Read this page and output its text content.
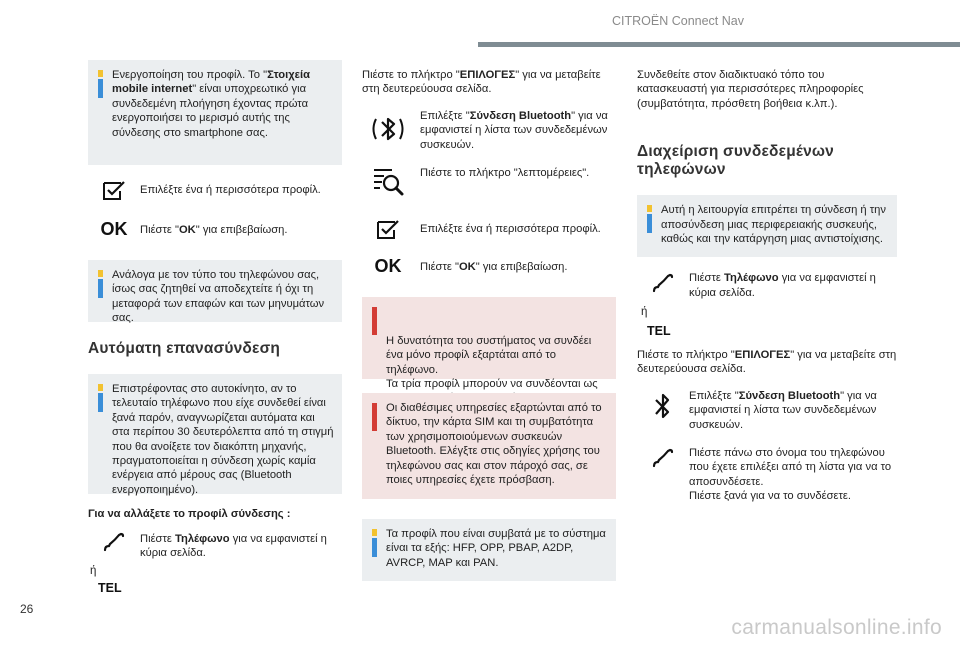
CITROËN Connect Nav
Ενεργοποίηση του προφίλ. Το "Στοιχεία mobile internet" είναι υποχρεωτικό για συνδεδεμένη πλοήγηση έχοντας πρώτα ενεργοποιήσει το μερισμό αυτής της σύνδεσης στο smartphone σας.
Επιλέξτε ένα ή περισσότερα προφίλ.
OK Πιέστε "OK" για επιβεβαίωση.
Ανάλογα με τον τύπο του τηλεφώνου σας, ίσως σας ζητηθεί να αποδεχτείτε ή όχι τη μεταφορά των επαφών και των μηνυμάτων σας.
Αυτόματη επανασύνδεση
Επιστρέφοντας στο αυτοκίνητο, αν το τελευταίο τηλέφωνο που είχε συνδεθεί είναι ξανά παρόν, αναγνωρίζεται αυτόματα και στα περίπου 30 δευτερόλεπτα από τη στιγμή που θα ανοίξετε τον διακόπτη μηχανής, πραγματοποιείται η σύνδεση χωρίς καμία ενέργεια από μέρους σας (Bluetooth ενεργοποιημένο).
Για να αλλάξετε το προφίλ σύνδεσης :
Πιέστε Τηλέφωνο για να εμφανιστεί η κύρια σελίδα.
ή
TEL
Πιέστε το πλήκτρο "ΕΠΙΛΟΓΕΣ" για να μεταβείτε στη δευτερεύουσα σελίδα.
Επιλέξτε "Σύνδεση Bluetooth" για να εμφανιστεί η λίστα των συνδεδεμένων συσκευών.
Πιέστε το πλήκτρο "λεπτομέρειες".
Επιλέξτε ένα ή περισσότερα προφίλ.
OK	Πιέστε "OK" για επιβεβαίωση.

Η δυνατότητα του συστήματος να συνδέει ένα μόνο προφίλ εξαρτάται από το τηλέφωνο.
Τα τρία προφίλ μπορούν να συνδέονται ως

Οι διαθέσιμες υπηρεσίες εξαρτώνται από το δίκτυο, την κάρτα SIM και τη συμβατότητα των χρησιμοποιούμενων συσκευών Bluetooth. Ελέγξτε στις οδηγίες χρήσης του τηλεφώνου σας και στον πάροχό σας, σε ποιες υπηρεσίες έχετε πρόσβαση.
Τα προφίλ που είναι συμβατά με το σύστημα είναι τα εξής: HFP, OPP, PBAP, A2DP, AVRCP, MAP και PAN.
Συνδεθείτε στον διαδικτυακό τόπο του κατασκευαστή για περισσότερες πληροφορίες (συμβατότητα, πρόσθετη βοήθεια κ.λπ.).
Διαχείριση συνδεδεμένων τηλεφώνων
Αυτή η λειτουργία επιτρέπει τη σύνδεση ή την αποσύνδεση μιας περιφερειακής συσκευής, καθώς και την κατάργηση μιας αντιστοίχισης.
Πιέστε Τηλέφωνο για να εμφανιστεί η κύρια σελίδα.
ή
TEL
Πιέστε το πλήκτρο "ΕΠΙΛΟΓΕΣ" για να μεταβείτε στη δευτερεύουσα σελίδα.
Επιλέξτε "Σύνδεση Bluetooth" για να εμφανιστεί η λίστα των συνδεδεμένων συσκευών.
Πιέστε πάνω στο όνομα του τηλεφώνου που έχετε επιλέξει από τη λίστα για να το αποσυνδέσετε.
Πιέστε ξανά για να το συνδέσετε.
26
carmanualsonline.info
